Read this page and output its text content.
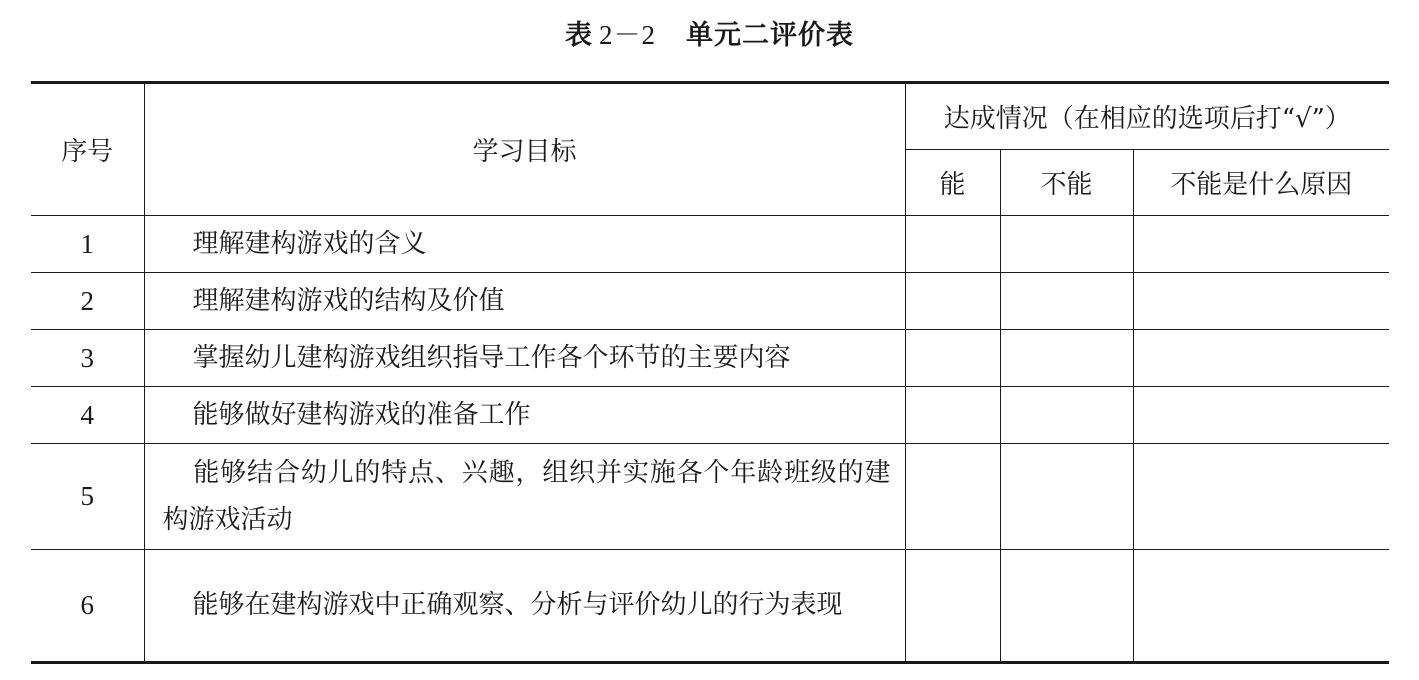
表 2－2 单元二评价表
序号	学习目标	达成情况（在相应的选项后打“√”）		
		能	不能	不能是什么原因
1	理解建构游戏的含义			
2	理解建构游戏的结构及价值			
3	掌握幼儿建构游戏组织指导工作各个环节的主要内容			
4	能够做好建构游戏的准备工作			
5	能够结合幼儿的特点、兴趣，组织并实施各个年龄班级的建构游戏活动			
6	能够在建构游戏中正确观察、分析与评价幼儿的行为表现			
